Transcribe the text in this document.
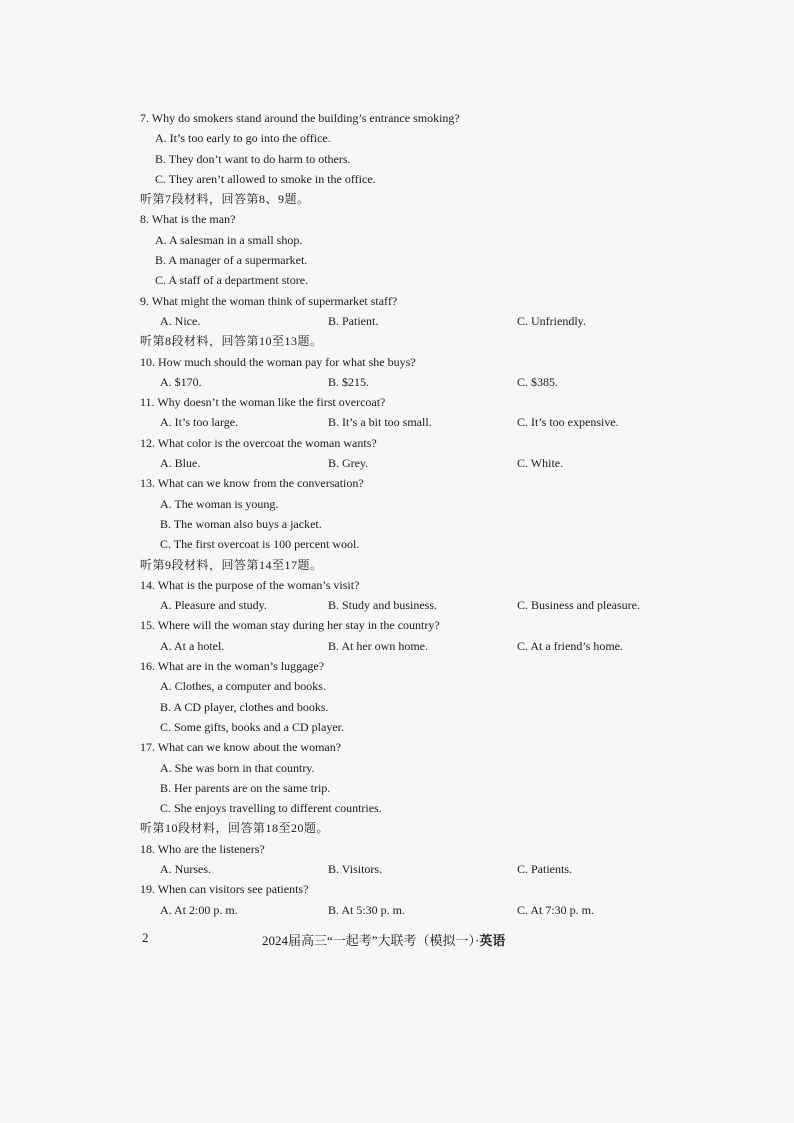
7. Why do smokers stand around the building’s entrance smoking?
A. It’s too early to go into the office.
B. They don’t want to do harm to others.
C. They aren’t allowed to smoke in the office.
听第7段材料，回答第8、9题。
8. What is the man?
A. A salesman in a small shop.
B. A manager of a supermarket.
C. A staff of a department store.
9. What might the woman think of supermarket staff?
A. Nice.	B. Patient.	C. Unfriendly.
听第8段材料，回答第10至13题。
10. How much should the woman pay for what she buys?
A. $170.	B. $215.	C. $385.
11. Why doesn’t the woman like the first overcoat?
A. It’s too large.	B. It’s a bit too small.	C. It’s too expensive.
12. What color is the overcoat the woman wants?
A. Blue.	B. Grey.	C. White.
13. What can we know from the conversation?
A. The woman is young.
B. The woman also buys a jacket.
C. The first overcoat is 100 percent wool.
听第9段材料，回答第14至17题。
14. What is the purpose of the woman’s visit?
A. Pleasure and study.	B. Study and business.	C. Business and pleasure.
15. Where will the woman stay during her stay in the country?
A. At a hotel.	B. At her own home.	C. At a friend’s home.
16. What are in the woman’s luggage?
A. Clothes, a computer and books.
B. A CD player, clothes and books.
C. Some gifts, books and a CD player.
17. What can we know about the woman?
A. She was born in that country.
B. Her parents are on the same trip.
C. She enjoys travelling to different countries.
听第10段材料，回答第18至20题。
18. Who are the listeners?
A. Nurses.	B. Visitors.	C. Patients.
19. When can visitors see patients?
A. At 2:00 p. m.	B. At 5:30 p. m.	C. At 7:30 p. m.
2	2024届高三“一起考”大联考（模拟一）·英语
